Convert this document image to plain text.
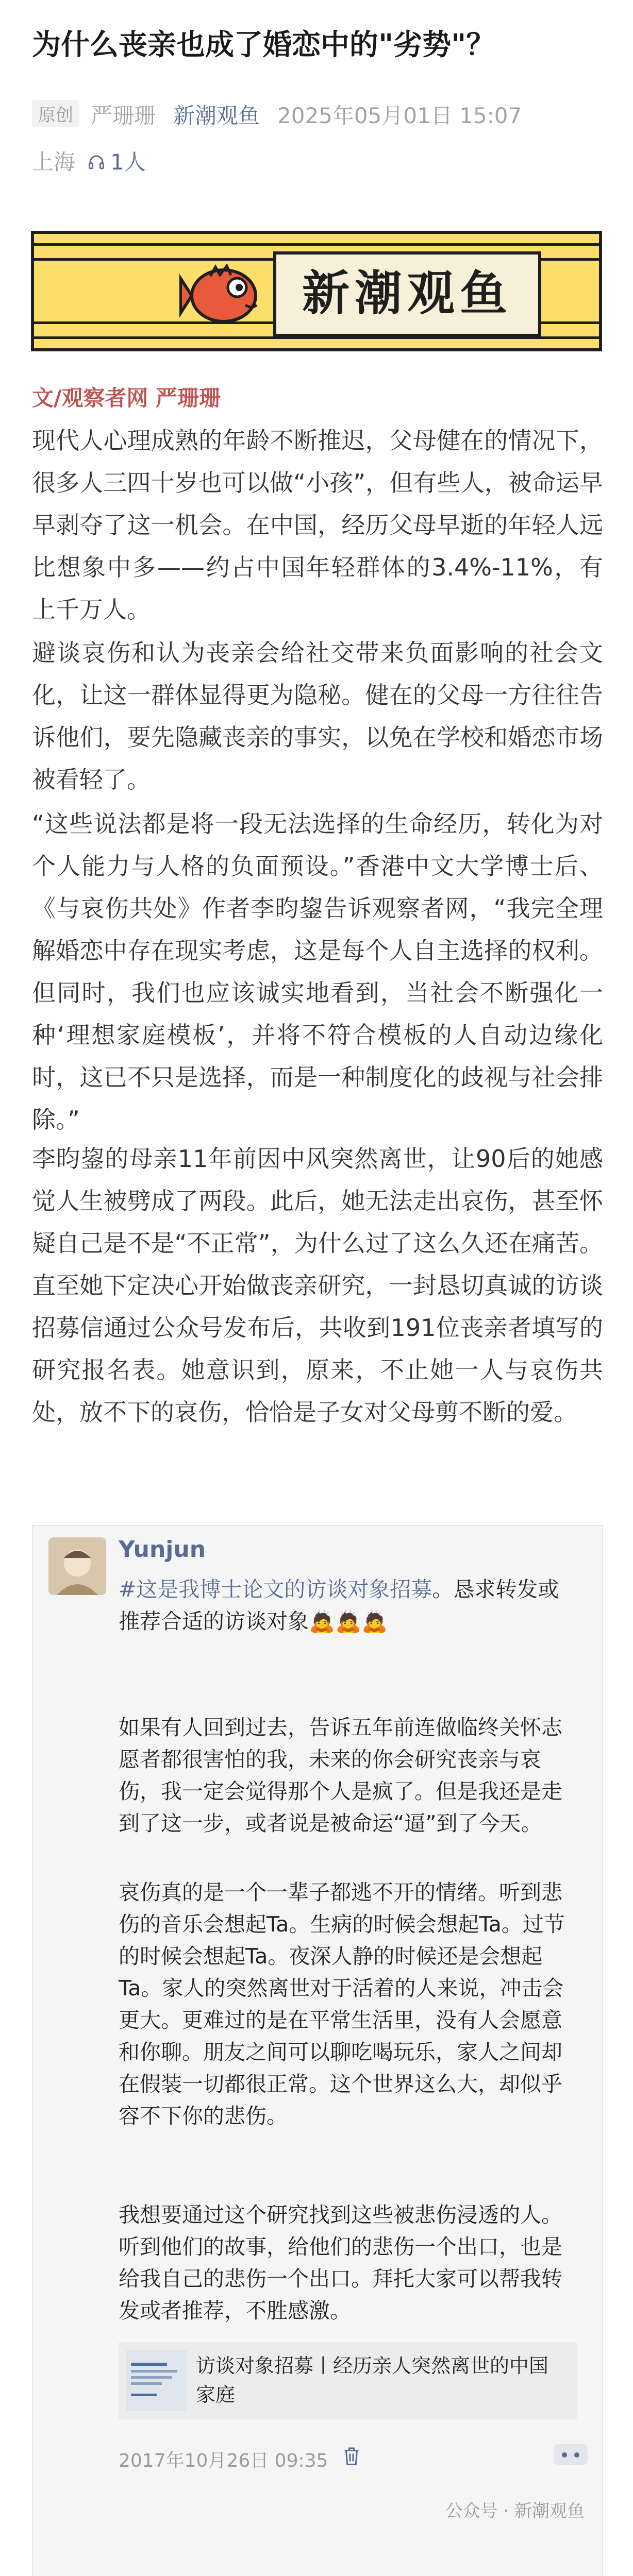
为什么丧亲也成了婚恋中的"劣势"？
原创 严珊珊 新潮观鱼 2025年05月01日 15:07
上海 1人
新潮观鱼
文/观察者网 严珊珊
现代人心理成熟的年龄不断推迟，父母健在的情况下，很多人三四十岁也可以做“小孩”，但有些人，被命运早早剥夺了这一机会。在中国，经历父母早逝的年轻人远比想象中多——约占中国年轻群体的3.4%-11%，有上千万人。
避谈哀伤和认为丧亲会给社交带来负面影响的社会文化，让这一群体显得更为隐秘。健在的父母一方往往告诉他们，要先隐藏丧亲的事实，以免在学校和婚恋市场被看轻了。
“这些说法都是将一段无法选择的生命经历，转化为对个人能力与人格的负面预设。”香港中文大学博士后、《与哀伤共处》作者李昀鋆告诉观察者网，“我完全理解婚恋中存在现实考虑，这是每个人自主选择的权利。但同时，我们也应该诚实地看到，当社会不断强化一种‘理想家庭模板’，并将不符合模板的人自动边缘化时，这已不只是选择，而是一种制度化的歧视与社会排除。”
李昀鋆的母亲11年前因中风突然离世，让90后的她感觉人生被劈成了两段。此后，她无法走出哀伤，甚至怀疑自己是不是“不正常”，为什么过了这么久还在痛苦。直至她下定决心开始做丧亲研究，一封恳切真诚的访谈招募信通过公众号发布后，共收到191位丧亲者填写的研究报名表。她意识到，原来，不止她一人与哀伤共处，放不下的哀伤，恰恰是子女对父母剪不断的爱。
Yunjun
#这是我博士论文的访谈对象招募。恳求转发或推荐合适的访谈对象🙇🙇🙇
如果有人回到过去，告诉五年前连做临终关怀志愿者都很害怕的我，未来的你会研究丧亲与哀伤，我一定会觉得那个人是疯了。但是我还是走到了这一步，或者说是被命运“逼”到了今天。
哀伤真的是一个一辈子都逃不开的情绪。听到悲伤的音乐会想起Ta。生病的时候会想起Ta。过节的时候会想起Ta。夜深人静的时候还是会想起Ta。家人的突然离世对于活着的人来说，冲击会更大。更难过的是在平常生活里，没有人会愿意和你聊。朋友之间可以聊吃喝玩乐，家人之间却在假装一切都很正常。这个世界这么大，却似乎容不下你的悲伤。
我想要通过这个研究找到这些被悲伤浸透的人。听到他们的故事，给他们的悲伤一个出口，也是给我自己的悲伤一个出口。拜托大家可以帮我转发或者推荐，不胜感激。
访谈对象招募丨经历亲人突然离世的中国家庭
2017年10月26日 09:35
公众号 · 新潮观鱼
